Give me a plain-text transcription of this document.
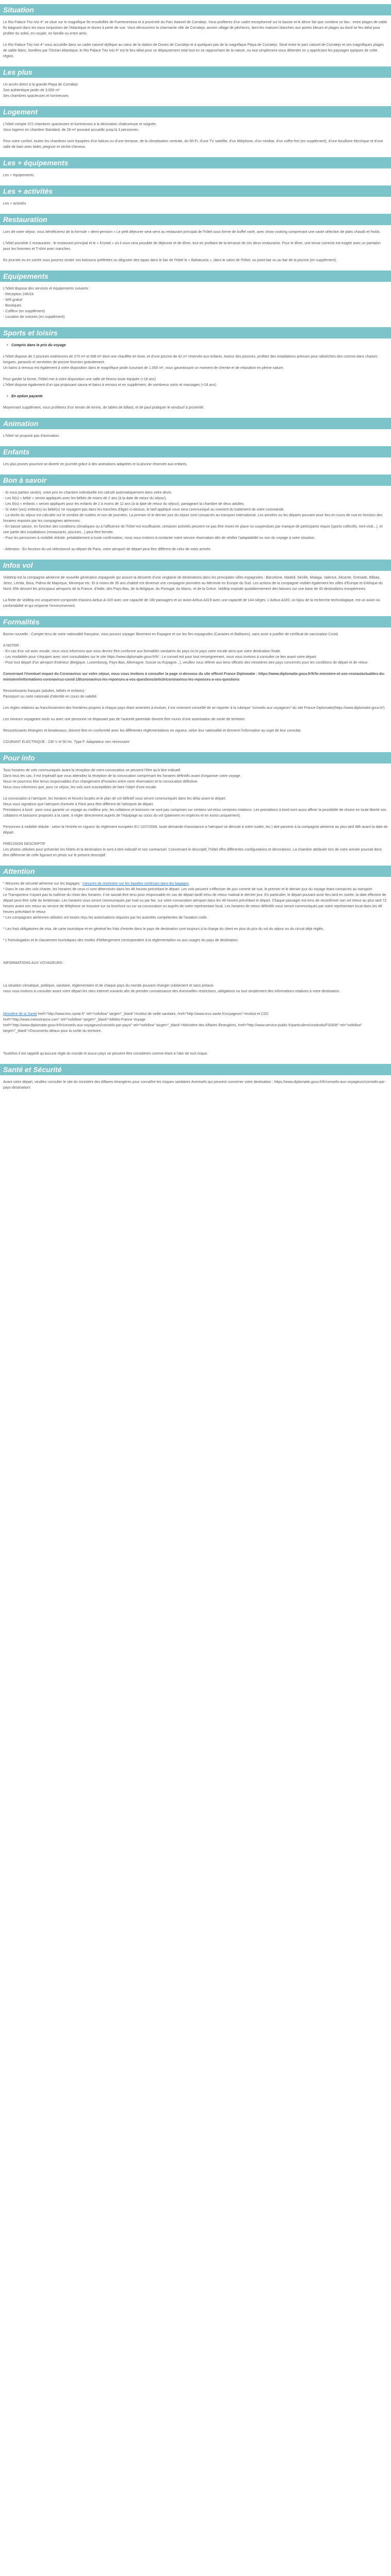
Situation

Le Rio Palace Trio Ivio 4* se situe sur le magnifique île ensoleillée de Fuerteventura et à proximité du Parc Naturel de Corralejo. Vous profiterez d'un cadre exceptionnel sur le bassin et le décor fait que combine ce lieu : entre plages de sable fin baignant dans les eaux turquoises de l'Atlantique et dunes à perte de vue. Vous découvrirez la charmante ville de Corralejo, ancien village de pêcheurs, dont les maisons blanches aux portes bleues et plages au bord se feu idéal pour profiter du soleil, en couple, en famille ou entre amis.

Le Rio Palace Trio Ivio 4* vous accueille dans un cadre naturel idyllique au cœur de la station de Dunes de Corralejo et à quelques pas de la magnifique Playa de Corralejo. Situé entre le parc naturel de Corralejo et ses magnifiques plages de sable blanc, bordées par l'Océan Atlantique, le Rio Palace Trio Ivio 4* est le lieu idéal pour un dépaysement total tout en se rapprochant de la nature, ou tout simplement vous détendre en y appréciant les paysages typiques de cette région.

Les plus

Un accès direct à la grande Playa de Corralejo
Son authentique jardin de 3.000 m²
Ses chambres spacieuses et lumineuses

Logement

L'hôtel compte 372 chambres spacieuses et lumineuses à la décoration chaleureuse et soignée.
Vous logerez en chambre Standard, de 28 m² pouvant accueillir jusqu'à 3 personnes.

Pour votre confort, toutes les chambres sont équipées d'un balcon ou d'une terrasse, de la climatisation centrale, du Wi-Fi, d'une TV satellite, d'un téléphone, d'un minibar, d'un coffre-fort (en supplément), d'une bouilloire électrique et d'une salle de bain avec bidet, peignoir et sèche-cheveux.

Les + équipements

Les + équipements

Les + activités

Les + activités

Restauration

Lors de votre séjour, vous bénéficierez de la formule « demi-pension » Le petit déjeuner sera servi au restaurant principal de l'hôtel sous forme de buffet varié, avec show cooking comprenant une vaste sélection de plats chauds et froids.

L'hôtel possède 2 restaurants : le restaurant principal et le « Krystal » où il vous sera possible de déjeuner et de dîner, tout en profitant de la terrasse de ces deux restaurants. Pour le dîner, une tenue correcte est exigée avec un pantalon pour les hommes et T-shirt avec manches.

En journée ou en soirée vous pourrez siroter vos boissons préférées ou déguster des tapas dans le bar de l'hôtel le « Bahiacarta », dans le salon de l'hôtel, ou point-bar ou au bar de la piscine (en supplément).

Equipements

L'hôtel dispose des services et équipements suivants :
- Réception 24h/24
- Wifi gratuit
- Boutiques
- Coiffeur (en supplément)
- Location de voitures (en supplément)

Sports et loisirs
• Compris dans le prix du voyage

L'hôtel dispose de 2 piscines extérieures de 270 m² et 588 m² dont une chauffée en hiver, et d'une piscine de 42 m² réservée aux enfants. Autour des piscines, profitez des installations prévues pour rafraîchies des comme dans chaises longues, parasols et serviettes de piscine fournies gratuitement.
Un bains à remous est également à votre disposition dans le magnifique jardin luxuriant de 1.000 m², vous garantissant un moment de chemie et de relaxation en pleine nature.

Pour garder la forme, l'hôtel met à votre disposition une salle de fitness toute équipée (+18 ans)
L'hôtel dispose également d'un spa proposant sauna et bains à remous et en supplément, de nombreux soins et massages (+18 ans).

• En option payante

Moyennant supplément, vous profiterez d'un terrain de tennis, de tables de billard, et de paul pratiquer le windsurf à proximité.

Animation

L'hôtel ne propose pas d'animation.

Enfants

Les plus jeunes pourront se divertir en journée grâce à des animations adaptées et la piscine réservée aux enfants.

Bon à savoir

- Si vous partiez seul(e), votre prix en chambre individuelle est calculé automatiquement dans votre devis.
- Les lit(s) « bébé » seront appliqués avec les bébés de moins de 2 ans (à la date de retour du séjour).
- Les lit(s) « enfants » seront appliqués pour les enfants de 2 à moins de 12 ans (à la date de retour du séjour), partageant la chambre de deux adultes.
- Si votre (vos) enfant(s) ou bébé(s) ne voyagent pas dans les tranches d'âges ci-dessus, le tarif appliqué vous sera communiqué au moment du traitement de votre commande.
- La durée du séjour est calculée sur le nombre de nuitées et non de journées. La premier et le dernier jour du séjour sont consacrés au transport international. Les arrivées ou les départs pouvant avoir lieu en cours de nuit en fonction des horaires imposés par les compagnies aériennes.
- En basse saison, en fonction des conditions climatiques ou à l'affluence de l'hôtel est insuffisante, certaines activités peuvent ne pas être mises en place ou suspendues par manque de participants requis (sports collectifs, mini-club...), et une partie des installations (restaurants, piscines...) peut être fermée.
- Pour les personnes à mobilité réduite, préalablement à toute confirmation, nous vous invitons à contacter notre service réservation afin de vérifier l'adaptabilité ou non du voyage à votre situation.

- Attention : En fonction du vol sélectionné au départ de Paris, votre aéroport de départ peut être différent de celui de votre arrivée.

Infos vol

Voldrtrip est la compagnie aérienne de nouvelle génération espagnole qui assure la desserte d'une vingtaine de destinations dans les principales villes espagnoles : Barcelone, Madrid, Séville, Malaga, Valence, Alicante, Grenade, Bilbao, Jerez, Lérida, Ibiza, Palma de Majorque, Minorque etc. Et à moins de 35 ans chaleté est devenue une compagnie pionnière au Mérrevie en Europe du Sud. Les actions de la compagnie visiblet également les villes d'Europe et d'Afrique du Nord. Elle dessert les principaux aéroports de la France, d'Italie, des Pays-Bas, de la Belgique, du Portugal, du Maroc, et de la Grèce. Voldtrip exploite quotidiennement des liaisons sur une base de 40 destinations européennes.

La flotte de Voldtrip est uniquement composée d'avions Airbus A-320 avec une capacité de 180 passagers et un avion Airbus A319 avec une capacité de 144 sièges. L'Airbus A320, un bijou de la recherche technologique, est un avion où confortabilité et qui respecte l'environnement.

Formalités

Bonne nouvelle ; Compte tenu de votre nationalité française, vous pouvez voyager librement en Espagne et sur les îles espagnoles (Canaries et Baléares), sans avoir à justifier de certificat de vaccination Covid.

A NOTER :
- En cas d'un vol avec escale, nous vous informons que vous devrez être conforme aux formalités sanitaires du pays où le pays votre escale ainsi que votre destination finale.
- Les modalités pour s'équipes avec sont consultables sur le site https://www.diplomatie.gouv.fr/fr/ ; Le conseil est pour tout renseignement, nous vous invitons à consulter ce lien avant votre départ.
- Pour tout départ d'un aéroport Extérieur (Belgique, Luxembourg, Pays-Bas, Allemagne, Suisse ou Espagne...), veuillez vous référer aux liens officiels des ministères des pays concernés pour les conditions de départ et de retour.

Concernant l'éventuel impact du Coronavirus sur votre séjour, nous vous invitons à consulter la page ci-dessous du site officiel France Diplomatie : https://www.diplomatie.gouv.fr/fr/le-ministere-et-son-reseau/actualites-du-ministere/informations-coronavirus-covid-19/coronavirus-les-reponses-a-vos-questions/article/coronavirus-les-reponses-a-vos-questions

Ressortissants français (adultes, bébés et enfants) :
Passeport ou carte nationale d'identité en cours de validité.

Les règles relatives au franchissement des frontières propres à chaque pays étant amenées à évoluer, il est vivement conseillé de se reporter à la rubrique "conseils aux voyageurs" du site France Diplomatie(https://www.diplomatie.gouv.fr/).

Les mineurs voyageant seuls ou avec une personne ne disposant pas de l'autorité parentale doivent être munis d'une autorisation de sortie de territoire.

Ressortissants étrangers et binationaux, doivent être en conformité avec les différentes réglementations en vigueur, selon leur nationalité et donnent l'information au sujet de leur consulat.

COURANT ELECTRIQUE : 230 V et 50 Hz. Type F. Adaptateur non nécessaire.

Pour info

Tous horaires de vols communiqués avant la réception de votre convocation ne peuvent l'être qu'à titre indicatif.
Dans tous les cas, il est impératif que vous attendiez la réception de la convocation comprenant les horaires définitifs avant d'organiser votre voyage.
Nous ne pourrons être tenus responsables d'un changement d'horaires entre votre réservation et la convocation définitive.
Nous vous informons que, pour ce séjour, les vols sont susceptibles de faire l'objet d'une escale.

La convocation à l'aéroport, les horaires et heures locales et le plan de vol définitif vous seront communiqués dans les délai avant le départ.
Nous vous signalons que l'aéroport d'arrivée à Paris peut être différent de l'aéroport de départ.
Prestations à bord : pour vous garantir un voyage au meilleur prix, les collations et boissons ne sont pas comprises sur certains vol et/ou certaines rotations. Les prestations à bord sont aussi affiner la possibilité de choisir en toute liberté vos collations et boissons proposés à la carte, à régler directement auprès de l'équipage au cours du vol (paiement en espèces et en euros uniquement).

Personnes à mobilité réduite : selon la l'entrée en vigueur du règlement européen EU 1107/2006, toute demande d'assistance à l'aéroport se déroule à votre nuitée, etc.) doit parvenir à la compagnie aérienne au plus tard 48h avant la date de départ.

PRÉCISION DESCRIPTIF
Les photos utilisées pour présenter les hôtels et la destination le sont à titre indicatif et non contractuel. Concernant le descriptif, l'hôtel offre différentes configurations et décorations. La chambre attribuée lors de votre arrivée pourrait donc être différente de celle figurant en photo sur le présent descriptif.

Attention

* Mesures de sécurité aérienne sur les bagages : mesures de restriction sur les liquides continues dans les bagages.
* Dans le cas des vols charter, les horaires de ceux-ci sont déterminés dans les 48 heures précédant le départ. Les vols peuvent s'effectuer de jour comme de nuit, le premier et le dernier jour du voyage étant consacrés au transport.
Le Transporteur n'ayant pas la maîtrise du choix des horaires, il ne saurait être tenu pour responsable en cas de départ tardif et/ou de retour matinal le dernier jour. En particulier, le départ pouvant avoir lieu tard en soirée, la date effective de départ peut être celle du lendemain. Les horaires vous seront communiqués par mail ou par fax, sur votre convocation aéroport dans les 48 heures précédant le départ. Chaque passager est tenu de reconfirmer son vol retour au plus tard 72 heures avant son retour au service de téléphone se trouvant sur sa brochure ou sur sa convocation ou auprès de notre représentant local. Les horaires de retour définitifs vous seront communiqués par notre représentant local dans les 48 heures précédant le retour.
* Les compagnies aériennes utilisées ont toutes reçu les autorisations requises par les autorités compétentes de l'aviation civile.

* Les frais obligatoires de visa, de carte touristique et en général les frais d'entrée dans le pays de destination sont toujours à la charge du client en plus du prix du vol du séjour ou du circuit déjà réglés.

* L'homologation et le classement touristiques des modes d'hébergement correspondent à la réglementation ou aux usages du pays de destination.

INFORMATIONS AUX VOYAGEURS :

La situation climatique, politique, sanitaire, réglementaire et de chaque pays du monde pouvant changer subitement et sans préavis
nous vous invitons à consulter avant votre départ les sites internet suivants afin de prendre connaissance des éventuelles restrictions, obligations ou tout simplement des informations relatives à votre destination.

Ministère de la Santé href="http://www.tms.sante.fr" rel="nofollow" target="_blank">Institut de veille sanitaire, href="http://www.invs.sante.fr/voyageurs">Institut et CDC
href="http://www.metootrance.com" rel="nofollow" target="_blank">Météo France Voyage
href="http://www.diplomatie.gouv.fr/fr/conseils-aux-voyageurs/conseils-par-pays/" rel="nofollow" target="_blank">Ministère des Affaires Étrangères, href="http://www.service-public.fr/particuliers/vosdroits/F32835" rel="nofollow" target="_blank">Documents idéaux pour la sortie du territoire.

Toutefois il est rappelé qu'aucune règle du monde et aucun pays ne peuvent être considérés comme étant à l'abri de tout risque.

Santé et Sécurité

Avant votre départ, veuillez consulter le site du ministère des Affaires étrangères pour connaître les risques sanitaires éventuels qui peuvent concerner votre destination : https://www.diplomatie.gouv.fr/fr/conseils-aux-voyageurs/conseils-par-pays-destination/
